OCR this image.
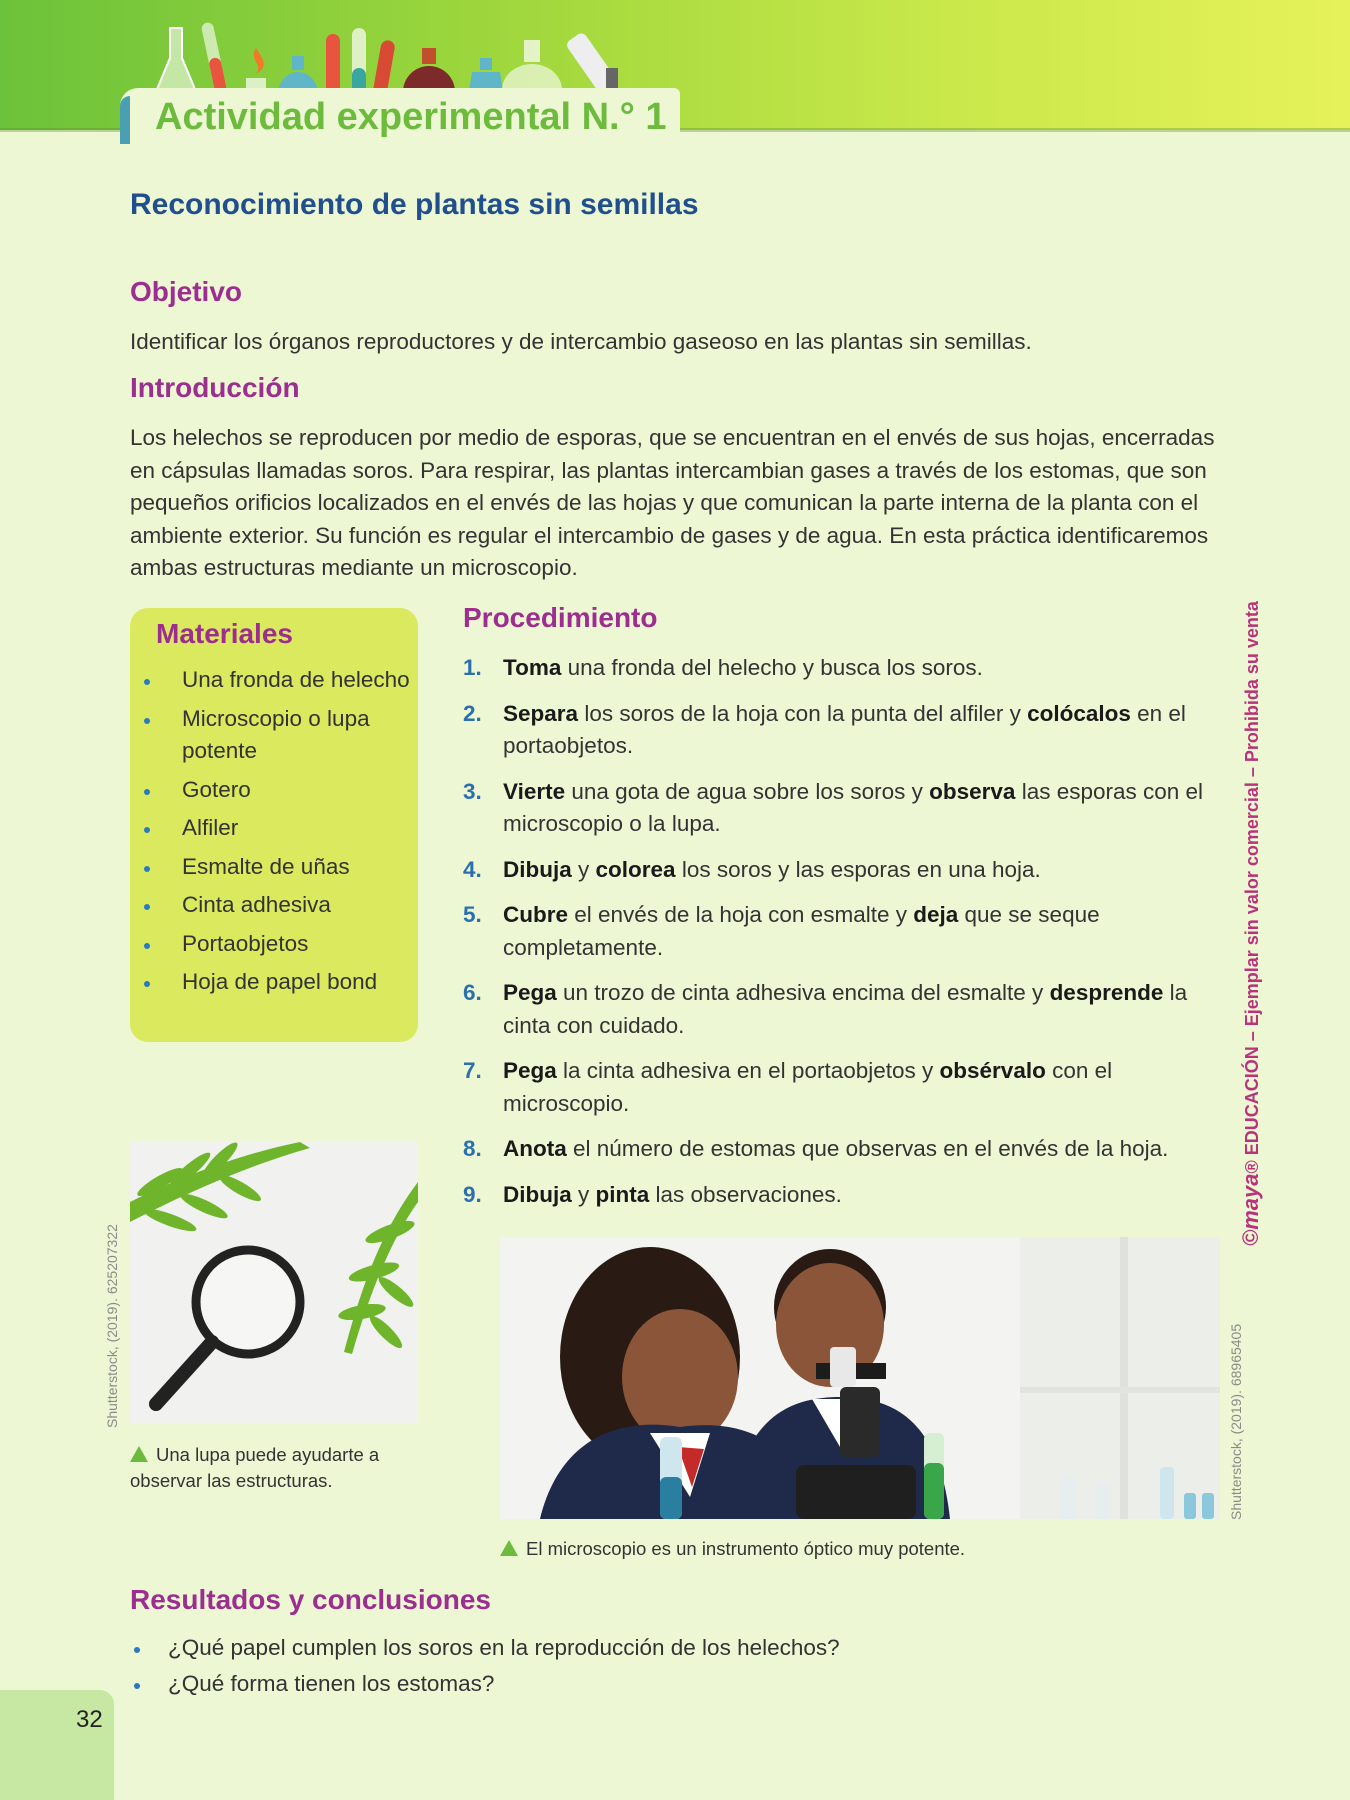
Actividad experimental N.° 1
Reconocimiento de plantas sin semillas
Objetivo
Identificar los órganos reproductores y de intercambio gaseoso en las plantas sin semillas.
Introducción
Los helechos se reproducen por medio de esporas, que se encuentran en el envés de sus hojas, encerradas en cápsulas llamadas soros. Para respirar, las plantas intercambian gases a través de los estomas, que son pequeños orificios localizados en el envés de las hojas y que comunican la parte interna de la planta con el ambiente exterior. Su función es regular el intercambio de gases y de agua. En esta práctica identificaremos ambas estructuras mediante un microscopio.
Materiales
Una fronda de helecho
Microscopio o lupa potente
Gotero
Alfiler
Esmalte de uñas
Cinta adhesiva
Portaobjetos
Hoja de papel bond
Procedimiento
1. Toma una fronda del helecho y busca los soros.
2. Separa los soros de la hoja con la punta del alfiler y colócalos en el portaobjetos.
3. Vierte una gota de agua sobre los soros y observa las esporas con el microscopio o la lupa.
4. Dibuja y colorea los soros y las esporas en una hoja.
5. Cubre el envés de la hoja con esmalte y deja que se seque completamente.
6. Pega un trozo de cinta adhesiva encima del esmalte y desprende la cinta con cuidado.
7. Pega la cinta adhesiva en el portaobjetos y obsérvalo con el microscopio.
8. Anota el número de estomas que observas en el envés de la hoja.
9. Dibuja y pinta las observaciones.
Shutterstock, (2019). 625207322
Una lupa puede ayudarte a observar las estructuras.	Shutterstock, (2019). 68965405
El microscopio es un instrumento óptico muy potente.
Resultados y conclusiones
¿Qué papel cumplen los soros en la reproducción de los helechos?
¿Qué forma tienen los estomas?
32
©maya® EDUCACIÓN – Ejemplar sin valor comercial – Prohibida su venta
